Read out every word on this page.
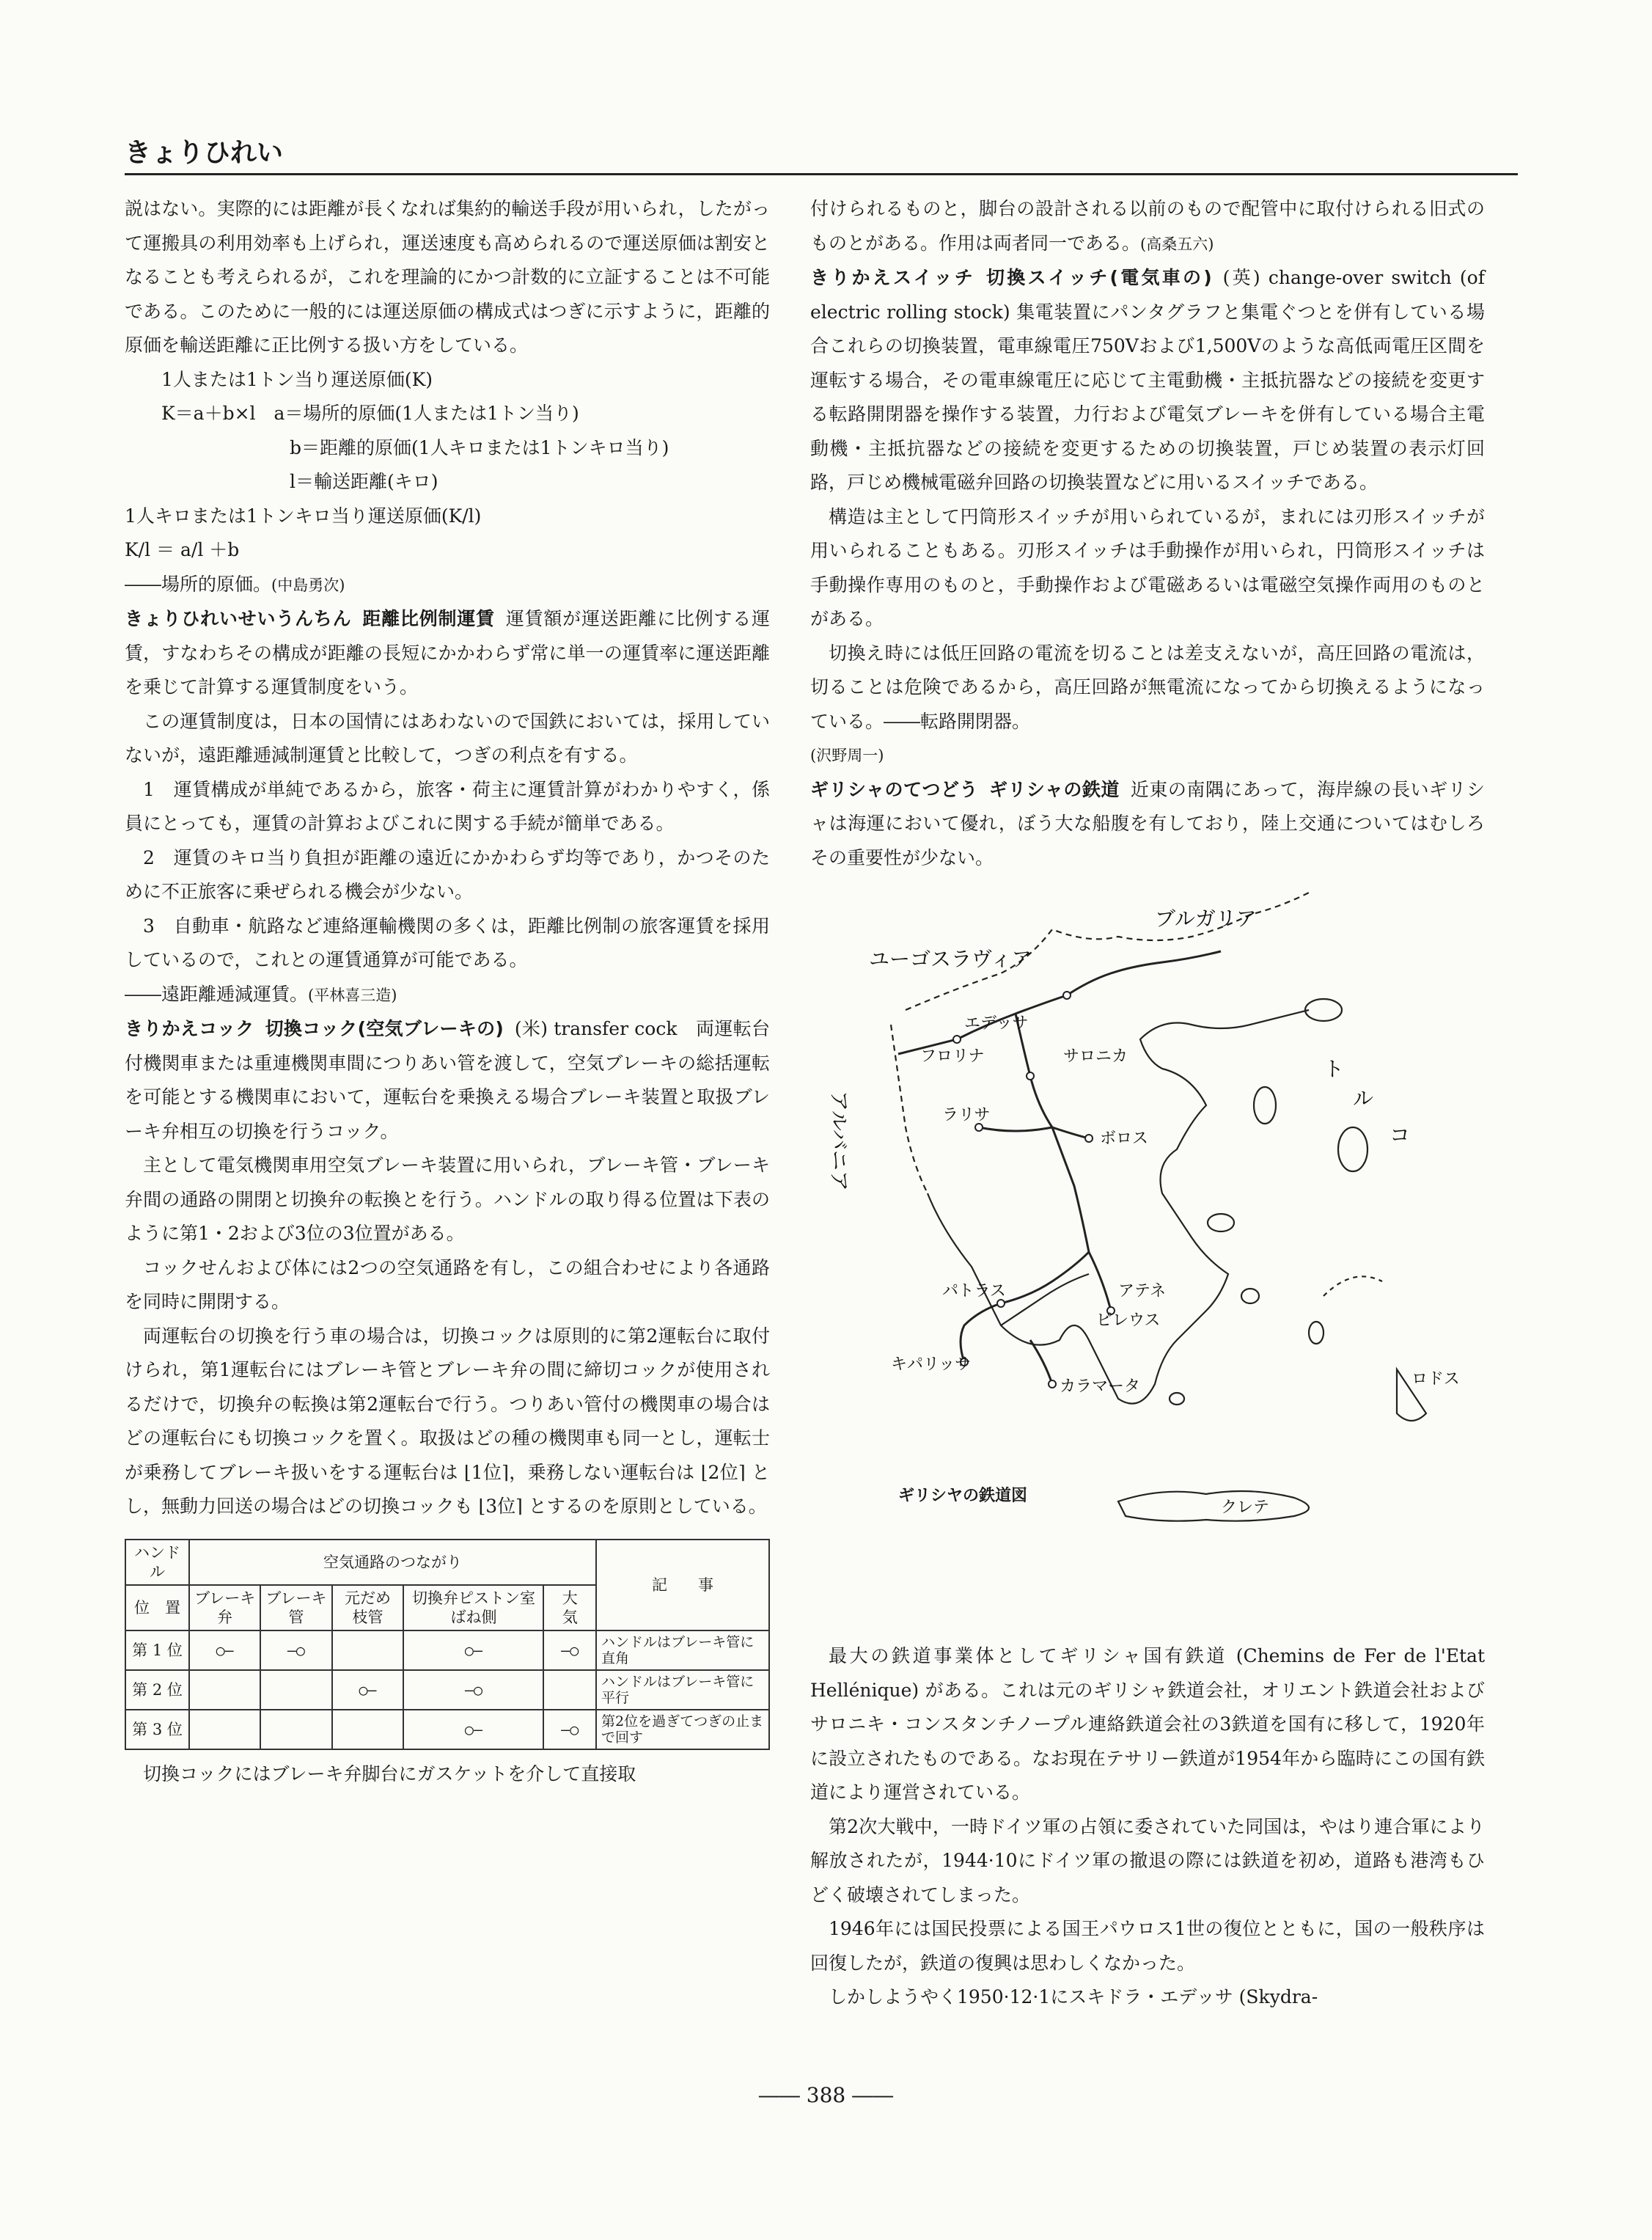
きょりひれい

説はない。実際的には距離が長くなれば集約的輸送手段が用いられ，したがって運搬具の利用効率も上げられ，運送速度も高められるので運送原価は割安となることも考えられるが，これを理論的にかつ計数的に立証することは不可能である。このために一般的には運送原価の構成式はつぎに示すように，距離的原価を輸送距離に正比例する扱い方をしている。

1人または1トン当り運送原価(K)
K＝a＋b×l　a＝場所的原価(1人または1トン当り)
　　　　　　　b＝距離的原価(1人キロまたは1トンキロ当り)
　　　　　　　l＝輸送距離(キロ)
1人キロまたは1トンキロ当り運送原価(K/l)
K/l ＝ a/l ＋b

――場所的原価。(中島勇次)

きょりひれいせいうんちん 距離比例制運賃 運賃額が運送距離に比例する運賃，すなわちその構成が距離の長短にかかわらず常に単一の運賃率に運送距離を乗じて計算する運賃制度をいう。

この運賃制度は，日本の国情にはあわないので国鉄においては，採用していないが，遠距離逓減制運賃と比較して，つぎの利点を有する。

1　運賃構成が単純であるから，旅客・荷主に運賃計算がわかりやすく，係員にとっても，運賃の計算およびこれに関する手続が簡単である。

2　運賃のキロ当り負担が距離の遠近にかかわらず均等であり，かつそのために不正旅客に乗ぜられる機会が少ない。

3　自動車・航路など連絡運輸機関の多くは，距離比例制の旅客運賃を採用しているので，これとの運賃通算が可能である。

――遠距離逓減運賃。(平林喜三造)

きりかえコック 切換コック(空気ブレーキの) (米) transfer cock　両運転台付機関車または重連機関車間につりあい管を渡して，空気ブレーキの総括運転を可能とする機関車において，運転台を乗換える場合ブレーキ装置と取扱ブレーキ弁相互の切換を行うコック。

主として電気機関車用空気ブレーキ装置に用いられ，ブレーキ管・ブレーキ弁間の通路の開閉と切換弁の転換とを行う。ハンドルの取り得る位置は下表のように第1・2および3位の3位置がある。

コックせんおよび体には2つの空気通路を有し，この組合わせにより各通路を同時に開閉する。

両運転台の切換を行う車の場合は，切換コックは原則的に第2運転台に取付けられ，第1運転台にはブレーキ管とブレーキ弁の間に締切コックが使用されるだけで，切換弁の転換は第2運転台で行う。つりあい管付の機関車の場合はどの運転台にも切換コックを置く。取扱はどの種の機関車も同一とし，運転士が乗務してブレーキ扱いをする運転台は ⌊1位⌉，乗務しない運転台は ⌊2位⌉ とし，無動力回送の場合はどの切換コックも ⌊3位⌉ とするのを原則としている。

ハンドル	空気通路のつながり					記　　事
位　置	ブレーキ弁	ブレーキ管	元だめ枝管	切換弁ピストン室ばね側	大　気	
第 1 位	○―	―○		○―	―○	ハンドルはブレーキ管に直角
第 2 位			○―	―○		ハンドルはブレーキ管に平行
第 3 位				○―	―○	第2位を過ぎてつぎの止まで回す

切換コックにはブレーキ弁脚台にガスケットを介して直接取

付けられるものと，脚台の設計される以前のもので配管中に取付けられる旧式のものとがある。作用は両者同一である。(高桑五六)

きりかえスイッチ 切換スイッチ(電気車の) (英) change-over switch (of electric rolling stock) 集電装置にパンタグラフと集電ぐつとを併有している場合これらの切換装置，電車線電圧750Vおよび1,500Vのような高低両電圧区間を運転する場合，その電車線電圧に応じて主電動機・主抵抗器などの接続を変更する転路開閉器を操作する装置，力行および電気ブレーキを併有している場合主電動機・主抵抗器などの接続を変更するための切換装置，戸じめ装置の表示灯回路，戸じめ機械電磁弁回路の切換装置などに用いるスイッチである。

構造は主として円筒形スイッチが用いられているが，まれには刃形スイッチが用いられることもある。刃形スイッチは手動操作が用いられ，円筒形スイッチは手動操作専用のものと，手動操作および電磁あるいは電磁空気操作両用のものとがある。

切換え時には低圧回路の電流を切ることは差支えないが，高圧回路の電流は，切ることは危険であるから，高圧回路が無電流になってから切換えるようになっている。――転路開閉器。

(沢野周一)

ギリシャのてつどう ギリシャの鉄道 近東の南隅にあって，海岸線の長いギリシャは海運において優れ，ぼう大な船腹を有しており，陸上交通についてはむしろその重要性が少ない。

ブルガリア
ユーゴスラヴィア
アルバニア
ト
ル
コ
エデッサ
フロリナ	サロニカ
ラリサ
ボロス
パトラス	アテネ
ピレウス
キパリッサ
カラマータ	ロドス
クレテ
ギリシヤの鉄道図

最大の鉄道事業体としてギリシャ国有鉄道 (Chemins de Fer de l'Etat Hellénique) がある。これは元のギリシャ鉄道会社，オリエント鉄道会社およびサロニキ・コンスタンチノープル連絡鉄道会社の3鉄道を国有に移して，1920年に設立されたものである。なお現在テサリー鉄道が1954年から臨時にこの国有鉄道により運営されている。

第2次大戦中，一時ドイツ軍の占領に委されていた同国は，やはり連合軍により解放されたが，1944·10にドイツ軍の撤退の際には鉄道を初め，道路も港湾もひどく破壊されてしまった。

1946年には国民投票による国王パウロス1世の復位とともに，国の一般秩序は回復したが，鉄道の復興は思わしくなかった。

しかしようやく1950·12·1にスキドラ・エデッサ (Skydra-

―― 388 ――
